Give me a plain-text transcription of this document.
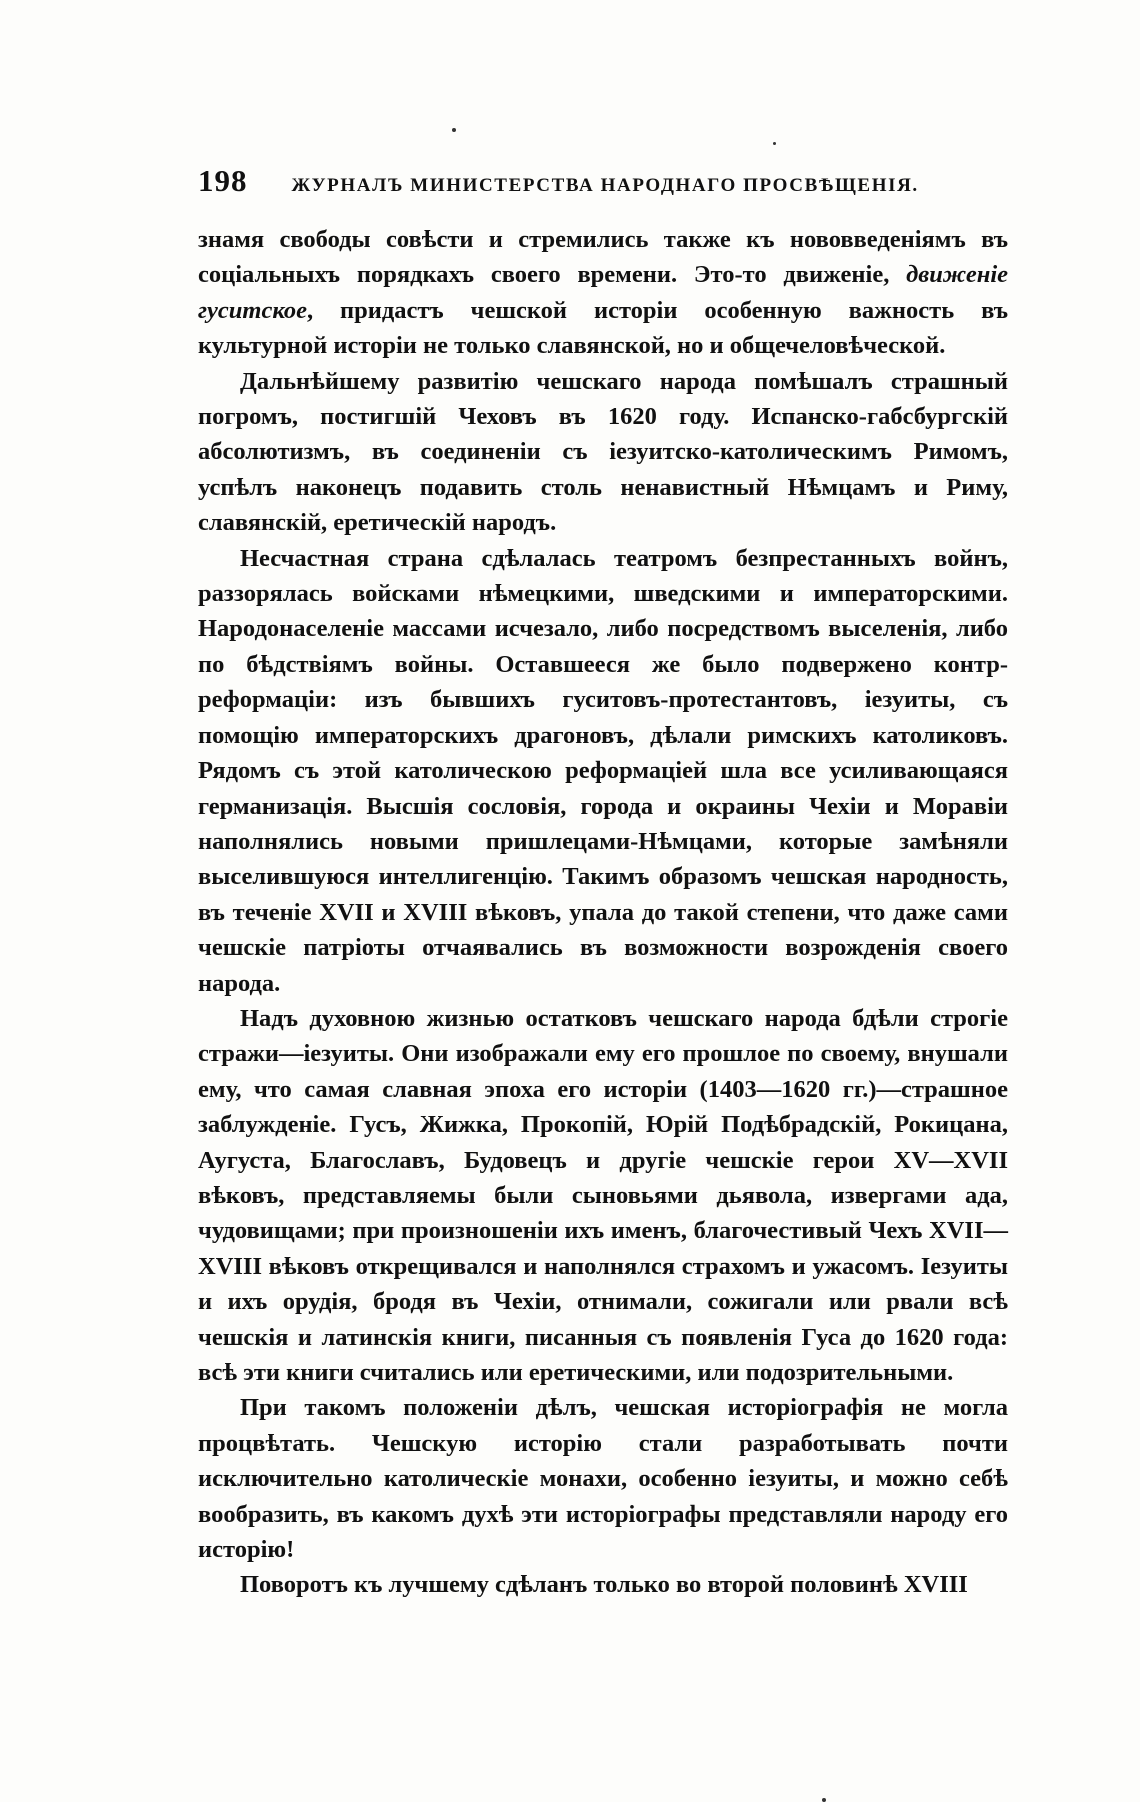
198 ЖУРНАЛЪ МИНИСТЕРСТВА НАРОДНАГО ПРОСВѢЩЕНІЯ.

знамя свободы совѣсти и стремились также къ нововведеніямъ въ соціальныхъ порядкахъ своего времени. Это-то движеніе, движеніе гуситское, придастъ чешской исторіи особенную важность въ культурной исторіи не только славянской, но и общечеловѣческой.

Дальнѣйшему развитію чешскаго народа помѣшалъ страшный погромъ, постигшій Чеховъ въ 1620 году. Испанско-габсбургскій абсолютизмъ, въ соединеніи съ іезуитско-католическимъ Римомъ, успѣлъ наконецъ подавить столь ненавистный Нѣмцамъ и Риму, славянскій, еретическій народъ.

Несчастная страна сдѣлалась театромъ безпрестанныхъ войнъ, раззорялась войсками нѣмецкими, шведскими и императорскими. Народонаселеніе массами исчезало, либо посредствомъ выселенія, либо по бѣдствіямъ войны. Оставшееся же было подвержено контр-реформаціи: изъ бывшихъ гуситовъ-протестантовъ, іезуиты, съ помощію императорскихъ драгоновъ, дѣлали римскихъ католиковъ. Рядомъ съ этой католическою реформаціей шла все усиливающаяся германизація. Высшія сословія, города и окраины Чехіи и Моравіи наполнялись новыми пришлецами-Нѣмцами, которые замѣняли выселившуюся интеллигенцію. Такимъ образомъ чешская народность, въ теченіе XVII и XVIII вѣковъ, упала до такой степени, что даже сами чешскіе патріоты отчаявались въ возможности возрожденія своего народа.

Надъ духовною жизнью остатковъ чешскаго народа бдѣли строгіе стражи—іезуиты. Они изображали ему его прошлое по своему, внушали ему, что самая славная эпоха его исторіи (1403—1620 гг.)—страшное заблужденіе. Гусъ, Жижка, Прокопій, Юрій Подѣбрадскій, Рокицана, Аугуста, Благославъ, Будовецъ и другіе чешскіе герои XV—XVII вѣковъ, представляемы были сыновьями дьявола, извергами ада, чудовищами; при произношеніи ихъ именъ, благочестивый Чехъ XVII—XVIII вѣковъ открещивался и наполнялся страхомъ и ужасомъ. Іезуиты и ихъ орудія, бродя въ Чехіи, отнимали, сожигали или рвали всѣ чешскія и латинскія книги, писанныя съ появленія Гуса до 1620 года: всѣ эти книги считались или еретическими, или подозрительными.

При такомъ положеніи дѣлъ, чешская исторіографія не могла процвѣтать. Чешскую исторію стали разработывать почти исключительно католическіе монахи, особенно іезуиты, и можно себѣ вообразить, въ какомъ духѣ эти исторіографы представляли народу его исторію!

Поворотъ къ лучшему сдѣланъ только во второй половинѣ XVIII
